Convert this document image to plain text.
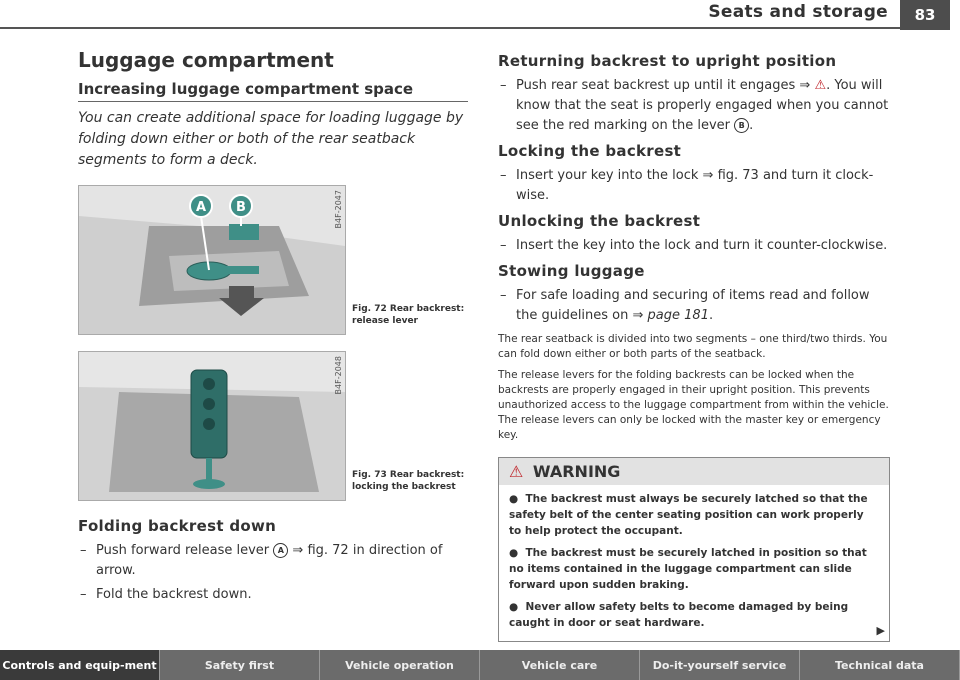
Seats and storage	83
Luggage compartment
Increasing luggage compartment space

You can create additional space for loading luggage by folding down either or both of the rear seatback segments to form a deck.

A B	B4F-2047
Fig. 72 Rear backrest:
release lever
B4F-2048
Fig. 73 Rear backrest:
locking the backrest
Folding backrest down
– Push forward release lever A ⇒ fig. 72 in direction of arrow.
– Fold the backrest down.
Returning backrest to upright position
– Push rear seat backrest up until it engages ⇒ ⚠. You will know that the seat is properly engaged when you cannot see the red marking on the lever B .
Locking the backrest
– Insert your key into the lock ⇒ fig. 73 and turn it clock-wise.
Unlocking the backrest
– Insert the key into the lock and turn it counter-clockwise.
Stowing luggage
– For safe loading and securing of items read and follow the guidelines on ⇒ page 181.

The rear seatback is divided into two segments – one third/two thirds. You can fold down either or both parts of the seatback.

The release levers for the folding backrests can be locked when the backrests are properly engaged in their upright position. This prevents unauthorized access to the luggage compartment from within the vehicle. The release levers can only be locked with the master key or emergency key.

⚠ WARNING

●  The backrest must always be securely latched so that the safety belt of the center seating position can work properly to help protect the occupant.

●  The backrest must be securely latched in position so that no items contained in the luggage compartment can slide forward upon sudden braking.

●  Never allow safety belts to become damaged by being caught in door or seat hardware.

▶
Controls and equip-ment	Safety first	Vehicle operation	Vehicle care	Do-it-yourself service	Technical data
